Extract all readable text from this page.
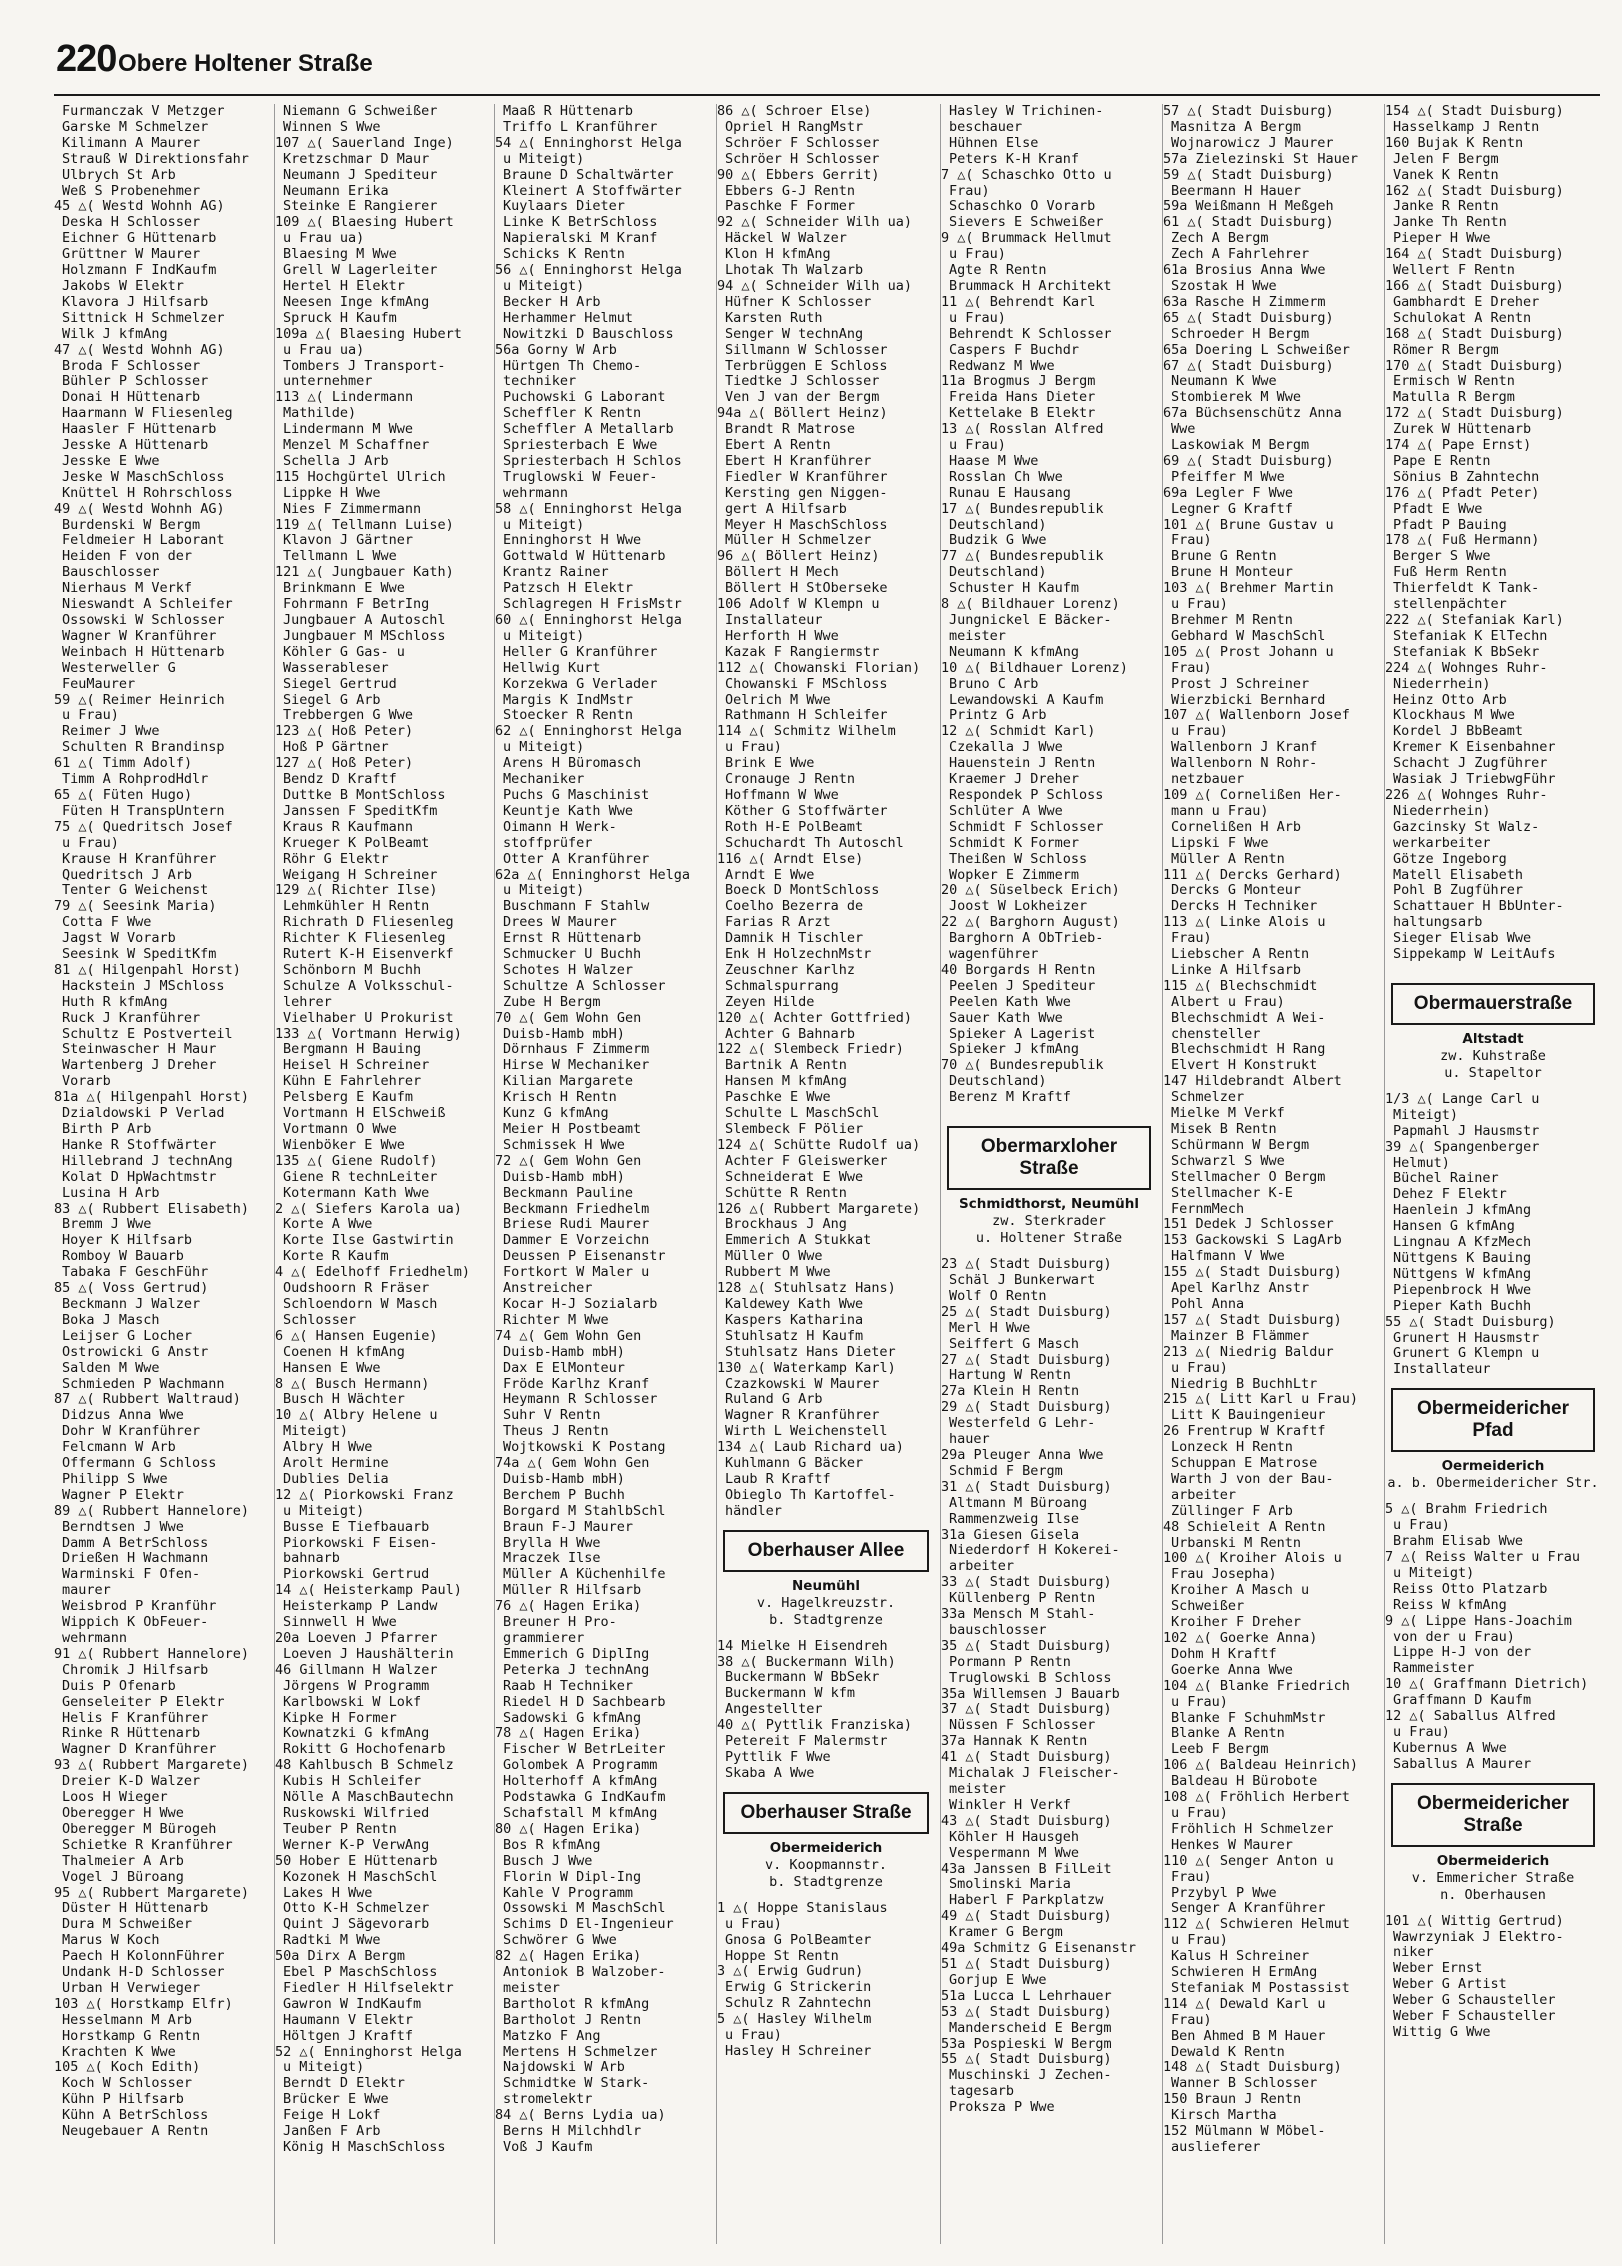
220 Obere Holtener Straße
Furmanczak V Metzger
Garske M Schmelzer
Kilimann A Maurer
Strauß W Direktionsfahr
Ulbrych St Arb
Weß S Probenehmer
45 △( Westd Wohnh AG)
Deska H Schlosser
Eichner G Hüttenarb
Grüttner W Maurer
Holzmann F IndKaufm
Jakobs W Elektr
Klavora J Hilfsarb
Sittnick H Schmelzer
Wilk J kfmAng
47 △( Westd Wohnh AG)
Broda F Schlosser
Bühler P Schlosser
Donai H Hüttenarb
Haarmann W Fliesenleg
Haasler F Hüttenarb
Jesske A Hüttenarb
Jesske E Wwe
Jeske W MaschSchloss
Knüttel H Rohrschloss
49 △( Westd Wohnh AG)
Burdenski W Bergm
Feldmeier H Laborant
Heiden F von der
Bauschlosser
Nierhaus M Verkf
Nieswandt A Schleifer
Ossowski W Schlosser
Wagner W Kranführer
Weinbach H Hüttenarb
Westerweller G
FeuMaurer
59 △( Reimer Heinrich
u Frau)
Reimer J Wwe
Schulten R Brandinsp
61 △( Timm Adolf)
Timm A RohprodHdlr
65 △( Füten Hugo)
Füten H TranspUntern
75 △( Quedritsch Josef
u Frau)
Krause H Kranführer
Quedritsch J Arb
Tenter G Weichenst
79 △( Seesink Maria)
Cotta F Wwe
Jagst W Vorarb
Seesink W SpeditKfm
81 △( Hilgenpahl Horst)
Hackstein J MSchloss
Huth R kfmAng
Ruck J Kranführer
Schultz E Postverteil
Steinwascher H Maur
Wartenberg J Dreher
Vorarb
81a △( Hilgenpahl Horst)
Dzialdowski P Verlad
Birth P Arb
Hanke R Stoffwärter
Hillebrand J technAng
Kolat D HpWachtmstr
Lusina H Arb
83 △( Rubbert Elisabeth)
Bremm J Wwe
Hoyer K Hilfsarb
Romboy W Bauarb
Tabaka F GeschFühr
85 △( Voss Gertrud)
Beckmann J Walzer
Boka J Masch
Leijser G Locher
Ostrowicki G Anstr
Salden M Wwe
Schmieden P Wachmann
87 △( Rubbert Waltraud)
Didzus Anna Wwe
Dohr W Kranführer
Felcmann W Arb
Offermann G Schloss
Philipp S Wwe
Wagner P Elektr
89 △( Rubbert Hannelore)
Berndtsen J Wwe
Damm A BetrSchloss
Drießen H Wachmann
Warminski F Ofen-
maurer
Weisbrod P Kranführ
Wippich K ObFeuer-
wehrmann
91 △( Rubbert Hannelore)
Chromik J Hilfsarb
Duis P Ofenarb
Genseleiter P Elektr
Helis F Kranführer
Rinke R Hüttenarb
Wagner D Kranführer
93 △( Rubbert Margarete)
Dreier K-D Walzer
Loos H Wieger
Oberegger H Wwe
Oberegger M Bürogeh
Schietke R Kranführer
Thalmeier A Arb
Vogel J Büroang
95 △( Rubbert Margarete)
Düster H Hüttenarb
Dura M Schweißer
Marus W Koch
Paech H KolonnFührer
Undank H-D Schlosser
Urban H Verwieger
103 △( Horstkamp Elfr)
Hesselmann M Arb
Horstkamp G Rentn
Krachten K Wwe
105 △( Koch Edith)
Koch W Schlosser
Kühn P Hilfsarb
Kühn A BetrSchloss
Neugebauer A Rentn
Niemann G Schweißer
Winnen S Wwe
107 △( Sauerland Inge)
Kretzschmar D Maur
Neumann J Spediteur
Neumann Erika
Steinke E Rangierer
109 △( Blaesing Hubert
u Frau ua)
Blaesing M Wwe
Grell W Lagerleiter
Hertel H Elektr
Neesen Inge kfmAng
Spruck H Kaufm
109a △( Blaesing Hubert
u Frau ua)
Tombers J Transport-
unternehmer
113 △( Lindermann
Mathilde)
Lindermann M Wwe
Menzel M Schaffner
Schella J Arb
115 Hochgürtel Ulrich
Lippke H Wwe
Nies F Zimmermann
119 △( Tellmann Luise)
Klavon J Gärtner
Tellmann L Wwe
121 △( Jungbauer Kath)
Brinkmann E Wwe
Fohrmann F BetrIng
Jungbauer A Autoschl
Jungbauer M MSchloss
Köhler G Gas- u
Wasserableser
Siegel Gertrud
Siegel G Arb
Trebbergen G Wwe
123 △( Hoß Peter)
Hoß P Gärtner
127 △( Hoß Peter)
Bendz D Kraftf
Duttke B MontSchloss
Janssen F SpeditKfm
Kraus R Kaufmann
Krueger K PolBeamt
Röhr G Elektr
Weigang H Schreiner
129 △( Richter Ilse)
Lehmkühler H Rentn
Richrath D Fliesenleg
Richter K Fliesenleg
Rutert K-H Eisenverkf
Schönborn M Buchh
Schulze A Volksschul-
lehrer
Vielhaber U Prokurist
133 △( Vortmann Herwig)
Bergmann H Bauing
Heisel H Schreiner
Kühn E Fahrlehrer
Pelsberg E Kaufm
Vortmann H ElSchweiß
Vortmann O Wwe
Wienböker E Wwe
135 △( Giene Rudolf)
Giene R technLeiter
Kotermann Kath Wwe
2 △( Siefers Karola ua)
Korte A Wwe
Korte Ilse Gastwirtin
Korte R Kaufm
4 △( Edelhoff Friedhelm)
Oudshoorn R Fräser
Schloendorn W Masch
Schlosser
6 △( Hansen Eugenie)
Coenen H kfmAng
Hansen E Wwe
8 △( Busch Hermann)
Busch H Wächter
10 △( Albry Helene u
Miteigt)
Albry H Wwe
Arolt Hermine
Dublies Delia
12 △( Piorkowski Franz
u Miteigt)
Busse E Tiefbauarb
Piorkowski F Eisen-
bahnarb
Piorkowski Gertrud
14 △( Heisterkamp Paul)
Heisterkamp P Landw
Sinnwell H Wwe
20a Loeven J Pfarrer
Loeven J Haushälterin
46 Gillmann H Walzer
Jörgens W Programm
Karlbowski W Lokf
Kipke H Former
Kownatzki G kfmAng
Rokitt G Hochofenarb
48 Kahlbusch B Schmelz
Kubis H Schleifer
Nölle A MaschBautechn
Ruskowski Wilfried
Teuber P Rentn
Werner K-P VerwAng
50 Hober E Hüttenarb
Kozonek H MaschSchl
Lakes H Wwe
Otto K-H Schmelzer
Quint J Sägevorarb
Radtki M Wwe
50a Dirx A Bergm
Ebel P MaschSchloss
Fiedler H Hilfselektr
Gawron W IndKaufm
Haumann V Elektr
Höltgen J Kraftf
52 △( Enninghorst Helga
u Miteigt)
Berndt D Elektr
Brücker E Wwe
Feige H Lokf
Janßen F Arb
König H MaschSchloss
Maaß R Hüttenarb
Triffo L Kranführer
54 △( Enninghorst Helga
u Miteigt)
Braune D Schaltwärter
Kleinert A Stoffwärter
Kuylaars Dieter
Linke K BetrSchloss
Napieralski M Kranf
Schicks K Rentn
56 △( Enninghorst Helga
u Miteigt)
Becker H Arb
Herhammer Helmut
Nowitzki D Bauschloss
56a Gorny W Arb
Hürtgen Th Chemo-
techniker
Puchowski G Laborant
Scheffler K Rentn
Scheffler A Metallarb
Spriesterbach E Wwe
Spriesterbach H Schlos
Truglowski W Feuer-
wehrmann
58 △( Enninghorst Helga
u Miteigt)
Enninghorst H Wwe
Gottwald W Hüttenarb
Krantz Rainer
Patzsch H Elektr
Schlagregen H FrisMstr
60 △( Enninghorst Helga
u Miteigt)
Heller G Kranführer
Hellwig Kurt
Korzekwa G Verlader
Margis K IndMstr
Stoecker R Rentn
62 △( Enninghorst Helga
u Miteigt)
Arens H Büromasch
Mechaniker
Puchs G Maschinist
Keuntje Kath Wwe
Oimann H Werk-
stoffprüfer
Otter A Kranführer
62a △( Enninghorst Helga
u Miteigt)
Buschmann F Stahlw
Drees W Maurer
Ernst R Hüttenarb
Schmucker U Buchh
Schotes H Walzer
Schultze A Schlosser
Zube H Bergm
70 △( Gem Wohn Gen
Duisb-Hamb mbH)
Dörnhaus F Zimmerm
Hirse W Mechaniker
Kilian Margarete
Krisch H Rentn
Kunz G kfmAng
Meier H Postbeamt
Schmissek H Wwe
72 △( Gem Wohn Gen
Duisb-Hamb mbH)
Beckmann Pauline
Beckmann Friedhelm
Briese Rudi Maurer
Dammer E Vorzeichn
Deussen P Eisenanstr
Fortkort W Maler u
Anstreicher
Kocar H-J Sozialarb
Richter M Wwe
74 △( Gem Wohn Gen
Duisb-Hamb mbH)
Dax E ElMonteur
Fröde Karlhz Kranf
Heymann R Schlosser
Suhr V Rentn
Theus J Rentn
Wojtkowski K Postang
74a △( Gem Wohn Gen
Duisb-Hamb mbH)
Berchem P Buchh
Borgard M StahlbSchl
Braun F-J Maurer
Brylla H Wwe
Mraczek Ilse
Müller A Küchenhilfe
Müller R Hilfsarb
76 △( Hagen Erika)
Breuner H Pro-
grammierer
Emmerich G DiplIng
Peterka J technAng
Raab H Techniker
Riedel H D Sachbearb
Sadowski G kfmAng
78 △( Hagen Erika)
Fischer W BetrLeiter
Golombek A Programm
Holterhoff A kfmAng
Podstawka G IndKaufm
Schafstall M kfmAng
80 △( Hagen Erika)
Bos R kfmAng
Busch J Wwe
Florin W Dipl-Ing
Kahle V Programm
Ossowski M MaschSchl
Schims D El-Ingenieur
Schwörer G Wwe
82 △( Hagen Erika)
Antoniok B Walzober-
meister
Bartholot R kfmAng
Bartholot J Rentn
Matzko F Ang
Mertens H Schmelzer
Najdowski W Arb
Schmidtke W Stark-
stromelektr
84 △( Berns Lydia ua)
Berns H Milchhdlr
Voß J Kaufm
86 △( Schroer Else)
Opriel H RangMstr
Schröer F Schlosser
Schröer H Schlosser
90 △( Ebbers Gerrit)
Ebbers G-J Rentn
Paschke F Former
92 △( Schneider Wilh ua)
Häckel W Walzer
Klon H kfmAng
Lhotak Th Walzarb
94 △( Schneider Wilh ua)
Hüfner K Schlosser
Karsten Ruth
Senger W technAng
Sillmann W Schlosser
Terbrüggen E Schloss
Tiedtke J Schlosser
Ven J van der Bergm
94a △( Böllert Heinz)
Brandt R Matrose
Ebert A Rentn
Ebert H Kranführer
Fiedler W Kranführer
Kersting gen Niggen-
gert A Hilfsarb
Meyer H MaschSchloss
Müller H Schmelzer
96 △( Böllert Heinz)
Böllert H Mech
Böllert H StOberseke
106 Adolf W Klempn u
Installateur
Herforth H Wwe
Kazak F Rangiermstr
112 △( Chowanski Florian)
Chowanski F MSchloss
Oelrich M Wwe
Rathmann H Schleifer
114 △( Schmitz Wilhelm
u Frau)
Brink E Wwe
Cronauge J Rentn
Hoffmann W Wwe
Köther G Stoffwärter
Roth H-E PolBeamt
Schuchardt Th Autoschl
116 △( Arndt Else)
Arndt E Wwe
Boeck D MontSchloss
Coelho Bezerra de
Farias R Arzt
Damnik H Tischler
Enk H HolzechnMstr
Zeuschner Karlhz
Schmalspurrang
Zeyen Hilde
120 △( Achter Gottfried)
Achter G Bahnarb
122 △( Slembeck Friedr)
Bartnik A Rentn
Hansen M kfmAng
Paschke E Wwe
Schulte L MaschSchl
Slembeck F Pölier
124 △( Schütte Rudolf ua)
Achter F Gleiswerker
Schneiderat E Wwe
Schütte R Rentn
126 △( Rubbert Margarete)
Brockhaus J Ang
Emmerich A Stukkat
Müller O Wwe
Rubbert M Wwe
128 △( Stuhlsatz Hans)
Kaldewey Kath Wwe
Kaspers Katharina
Stuhlsatz H Kaufm
Stuhlsatz Hans Dieter
130 △( Waterkamp Karl)
Czazkowski W Maurer
Ruland G Arb
Wagner R Kranführer
Wirth L Weichenstell
134 △( Laub Richard ua)
Kuhlmann G Bäcker
Laub R Kraftf
Obieglo Th Kartoffel-
händler
Oberhauser Allee
Neumühl
v. Hagelkreuzstr.
b. Stadtgrenze
14 Mielke H Eisendreh
38 △( Buckermann Wilh)
Buckermann W BbSekr
Buckermann W kfm
Angestellter
40 △( Pyttlik Franziska)
Petereit F Malermstr
Pyttlik F Wwe
Skaba A Wwe
Oberhauser Straße
Obermeiderich
v. Koopmannstr.
b. Stadtgrenze
1 △( Hoppe Stanislaus
u Frau)
Gnosa G PolBeamter
Hoppe St Rentn
3 △( Erwig Gudrun)
Erwig G Strickerin
Schulz R Zahntechn
5 △( Hasley Wilhelm
u Frau)
Hasley H Schreiner
Hasley W Trichinen-
beschauer
Hühnen Else
Peters K-H Kranf
7 △( Schaschko Otto u
Frau)
Schaschko O Vorarb
Sievers E Schweißer
9 △( Brummack Hellmut
u Frau)
Agte R Rentn
Brummack H Architekt
11 △( Behrendt Karl
u Frau)
Behrendt K Schlosser
Caspers F Buchdr
Redwanz M Wwe
11a Brogmus J Bergm
Freida Hans Dieter
Kettelake B Elektr
13 △( Rosslan Alfred
u Frau)
Haase M Wwe
Rosslan Ch Wwe
Runau E Hausang
17 △( Bundesrepublik
Deutschland)
Budzik G Wwe
77 △( Bundesrepublik
Deutschland)
Schuster H Kaufm
8 △( Bildhauer Lorenz)
Jungnickel E Bäcker-
meister
Neumann K kfmAng
10 △( Bildhauer Lorenz)
Bruno C Arb
Lewandowski A Kaufm
Printz G Arb
12 △( Schmidt Karl)
Czekalla J Wwe
Hauenstein J Rentn
Kraemer J Dreher
Respondek P Schloss
Schlüter A Wwe
Schmidt F Schlosser
Schmidt K Former
Theißen W Schloss
Wopker E Zimmerm
20 △( Süselbeck Erich)
Joost W Lokheizer
22 △( Barghorn August)
Barghorn A ObTrieb-
wagenführer
40 Borgards H Rentn
Peelen J Spediteur
Peelen Kath Wwe
Sauer Kath Wwe
Spieker A Lagerist
Spieker J kfmAng
70 △( Bundesrepublik
Deutschland)
Berenz M Kraftf
Obermarxloher Straße
Schmidthorst, Neumühl
zw. Sterkrader
u. Holtener Straße
23 △( Stadt Duisburg)
Schäl J Bunkerwart
Wolf O Rentn
25 △( Stadt Duisburg)
Merl H Wwe
Seiffert G Masch
27 △( Stadt Duisburg)
Hartung W Rentn
27a Klein H Rentn
29 △( Stadt Duisburg)
Westerfeld G Lehr-
hauer
29a Pleuger Anna Wwe
Schmid F Bergm
31 △( Stadt Duisburg)
Altmann M Büroang
Rammenzweig Ilse
31a Giesen Gisela
Niederdorf H Kokerei-
arbeiter
33 △( Stadt Duisburg)
Küllenberg P Rentn
33a Mensch M Stahl-
bauschlosser
35 △( Stadt Duisburg)
Pormann P Rentn
Truglowski B Schloss
35a Willemsen J Bauarb
37 △( Stadt Duisburg)
Nüssen F Schlosser
37a Hannak K Rentn
41 △( Stadt Duisburg)
Michalak J Fleischer-
meister
Winkler H Verkf
43 △( Stadt Duisburg)
Köhler H Hausgeh
Vespermann M Wwe
43a Janssen B FilLeit
Smolinski Maria
Haberl F Parkplatzw
49 △( Stadt Duisburg)
Kramer G Bergm
49a Schmitz G Eisenanstr
51 △( Stadt Duisburg)
Gorjup E Wwe
51a Lucca L Lehrhauer
53 △( Stadt Duisburg)
Manderscheid E Bergm
53a Pospieski W Bergm
55 △( Stadt Duisburg)
Muschinski J Zechen-
tagesarb
Proksza P Wwe
57 △( Stadt Duisburg)
Masnitza A Bergm
Wojnarowicz J Maurer
57a Zielezinski St Hauer
59 △( Stadt Duisburg)
Beermann H Hauer
59a Weißmann H Meßgeh
61 △( Stadt Duisburg)
Zech A Bergm
Zech A Fahrlehrer
61a Brosius Anna Wwe
Szostak H Wwe
63a Rasche H Zimmerm
65 △( Stadt Duisburg)
Schroeder H Bergm
65a Doering L Schweißer
67 △( Stadt Duisburg)
Neumann K Wwe
Stombierek M Wwe
67a Büchsenschütz Anna
Wwe
Laskowiak M Bergm
69 △( Stadt Duisburg)
Pfeiffer M Wwe
69a Legler F Wwe
Legner G Kraftf
101 △( Brune Gustav u
Frau)
Brune G Rentn
Brune H Monteur
103 △( Brehmer Martin
u Frau)
Brehmer M Rentn
Gebhard W MaschSchl
105 △( Prost Johann u
Frau)
Prost J Schreiner
Wierzbicki Bernhard
107 △( Wallenborn Josef
u Frau)
Wallenborn J Kranf
Wallenborn N Rohr-
netzbauer
109 △( Cornelißen Her-
mann u Frau)
Cornelißen H Arb
Lipski F Wwe
Müller A Rentn
111 △( Dercks Gerhard)
Dercks G Monteur
Dercks H Techniker
113 △( Linke Alois u
Frau)
Liebscher A Rentn
Linke A Hilfsarb
115 △( Blechschmidt
Albert u Frau)
Blechschmidt A Wei-
chensteller
Blechschmidt H Rang
Elvert H Konstrukt
147 Hildebrandt Albert
Schmelzer
Mielke M Verkf
Misek B Rentn
Schürmann W Bergm
Schwarzl S Wwe
Stellmacher O Bergm
Stellmacher K-E
FernmMech
151 Dedek J Schlosser
153 Gackowski S LagArb
Halfmann V Wwe
155 △( Stadt Duisburg)
Apel Karlhz Anstr
Pohl Anna
157 △( Stadt Duisburg)
Mainzer B Flämmer
213 △( Niedrig Baldur
u Frau)
Niedrig B BuchhLtr
215 △( Litt Karl u Frau)
Litt K Bauingenieur
26 Frentrup W Kraftf
Lonzeck H Rentn
Schuppan E Matrose
Warth J von der Bau-
arbeiter
Züllinger F Arb
48 Schieleit A Rentn
Urbanski M Rentn
100 △( Kroiher Alois u
Frau Josepha)
Kroiher A Masch u
Schweißer
Kroiher F Dreher
102 △( Goerke Anna)
Dohm H Kraftf
Goerke Anna Wwe
104 △( Blanke Friedrich
u Frau)
Blanke F SchuhmMstr
Blanke A Rentn
Leeb F Bergm
106 △( Baldeau Heinrich)
Baldeau H Bürobote
108 △( Fröhlich Herbert
u Frau)
Fröhlich H Schmelzer
Henkes W Maurer
110 △( Senger Anton u
Frau)
Przybyl P Wwe
Senger A Kranführer
112 △( Schwieren Helmut
u Frau)
Kalus H Schreiner
Schwieren H ErmAng
Stefaniak M Postassist
114 △( Dewald Karl u
Frau)
Ben Ahmed B M Hauer
Dewald K Rentn
148 △( Stadt Duisburg)
Wanner B Schlosser
150 Braun J Rentn
Kirsch Martha
152 Mülmann W Möbel-
auslieferer
154 △( Stadt Duisburg)
Hasselkamp J Rentn
160 Bujak K Rentn
Jelen F Bergm
Vanek K Rentn
162 △( Stadt Duisburg)
Janke R Rentn
Janke Th Rentn
Pieper H Wwe
164 △( Stadt Duisburg)
Wellert F Rentn
166 △( Stadt Duisburg)
Gambhardt E Dreher
Schulokat A Rentn
168 △( Stadt Duisburg)
Römer R Bergm
170 △( Stadt Duisburg)
Ermisch W Rentn
Matulla R Bergm
172 △( Stadt Duisburg)
Zurek W Hüttenarb
174 △( Pape Ernst)
Pape E Rentn
Sönius B Zahntechn
176 △( Pfadt Peter)
Pfadt E Wwe
Pfadt P Bauing
178 △( Fuß Hermann)
Berger S Wwe
Fuß Herm Rentn
Thierfeldt K Tank-
stellenpächter
222 △( Stefaniak Karl)
Stefaniak K ElTechn
Stefaniak K BbSekr
224 △( Wohnges Ruhr-
Niederrhein)
Heinz Otto Arb
Klockhaus M Wwe
Kordel J BbBeamt
Kremer K Eisenbahner
Schacht J Zugführer
Wasiak J TriebwgFühr
226 △( Wohnges Ruhr-
Niederrhein)
Gazcinsky St Walz-
werkarbeiter
Götze Ingeborg
Matell Elisabeth
Pohl B Zugführer
Schattauer H BbUnter-
haltungsarb
Sieger Elisab Wwe
Sippekamp W LeitAufs
Obermauerstraße
Altstadt
zw. Kuhstraße
u. Stapeltor
1/3 △( Lange Carl u
Miteigt)
Papmahl J Hausmstr
39 △( Spangenberger
Helmut)
Büchel Rainer
Dehez F Elektr
Haenlein J kfmAng
Hansen G kfmAng
Lingnau A KfzMech
Nüttgens K Bauing
Nüttgens W kfmAng
Piepenbrock H Wwe
Pieper Kath Buchh
55 △( Stadt Duisburg)
Grunert H Hausmstr
Grunert G Klempn u
Installateur
Obermeidericher Pfad
Oermeiderich
a. b. Obermeidericher Str.
5 △( Brahm Friedrich
u Frau)
Brahm Elisab Wwe
7 △( Reiss Walter u Frau
u Miteigt)
Reiss Otto Platzarb
Reiss W kfmAng
9 △( Lippe Hans-Joachim
von der u Frau)
Lippe H-J von der
Rammeister
10 △( Graffmann Dietrich)
Graffmann D Kaufm
12 △( Saballus Alfred
u Frau)
Kubernus A Wwe
Saballus A Maurer
Obermeidericher Straße
Obermeiderich
v. Emmericher Straße
n. Oberhausen
101 △( Wittig Gertrud)
Wawrzyniak J Elektro-
niker
Weber Ernst
Weber G Artist
Weber G Schausteller
Weber F Schausteller
Wittig G Wwe
